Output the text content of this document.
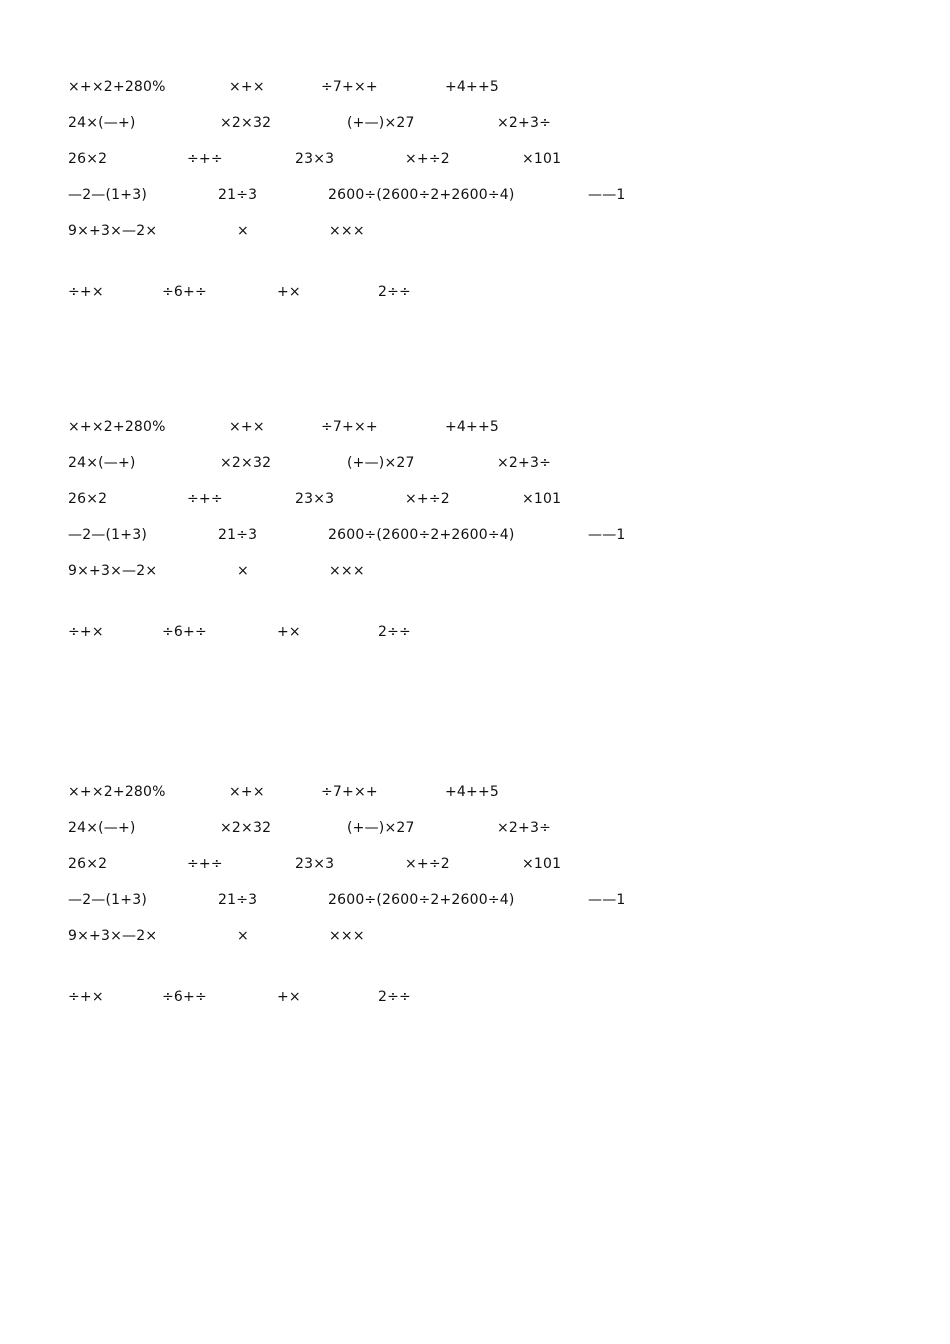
×+×2+280%	×+×	÷7+×+	+4++5
24×(—+)	×2×32	(+—)×27	×2+3÷
26×2	÷+÷	23×3	×+÷2	×101
—2—(1+3)	21÷3	2600÷(2600÷2+2600÷4)	——1
9×+3×—2×	×	×××
÷+×	÷6+÷	+×	2÷÷
×+×2+280%	×+×	÷7+×+	+4++5
24×(—+)	×2×32	(+—)×27	×2+3÷
26×2	÷+÷	23×3	×+÷2	×101
—2—(1+3)	21÷3	2600÷(2600÷2+2600÷4)	——1
9×+3×—2×	×	×××
÷+×	÷6+÷	+×	2÷÷
×+×2+280%	×+×	÷7+×+	+4++5
24×(—+)	×2×32	(+—)×27	×2+3÷
26×2	÷+÷	23×3	×+÷2	×101
—2—(1+3)	21÷3	2600÷(2600÷2+2600÷4)	——1
9×+3×—2×	×	×××
÷+×	÷6+÷	+×	2÷÷
